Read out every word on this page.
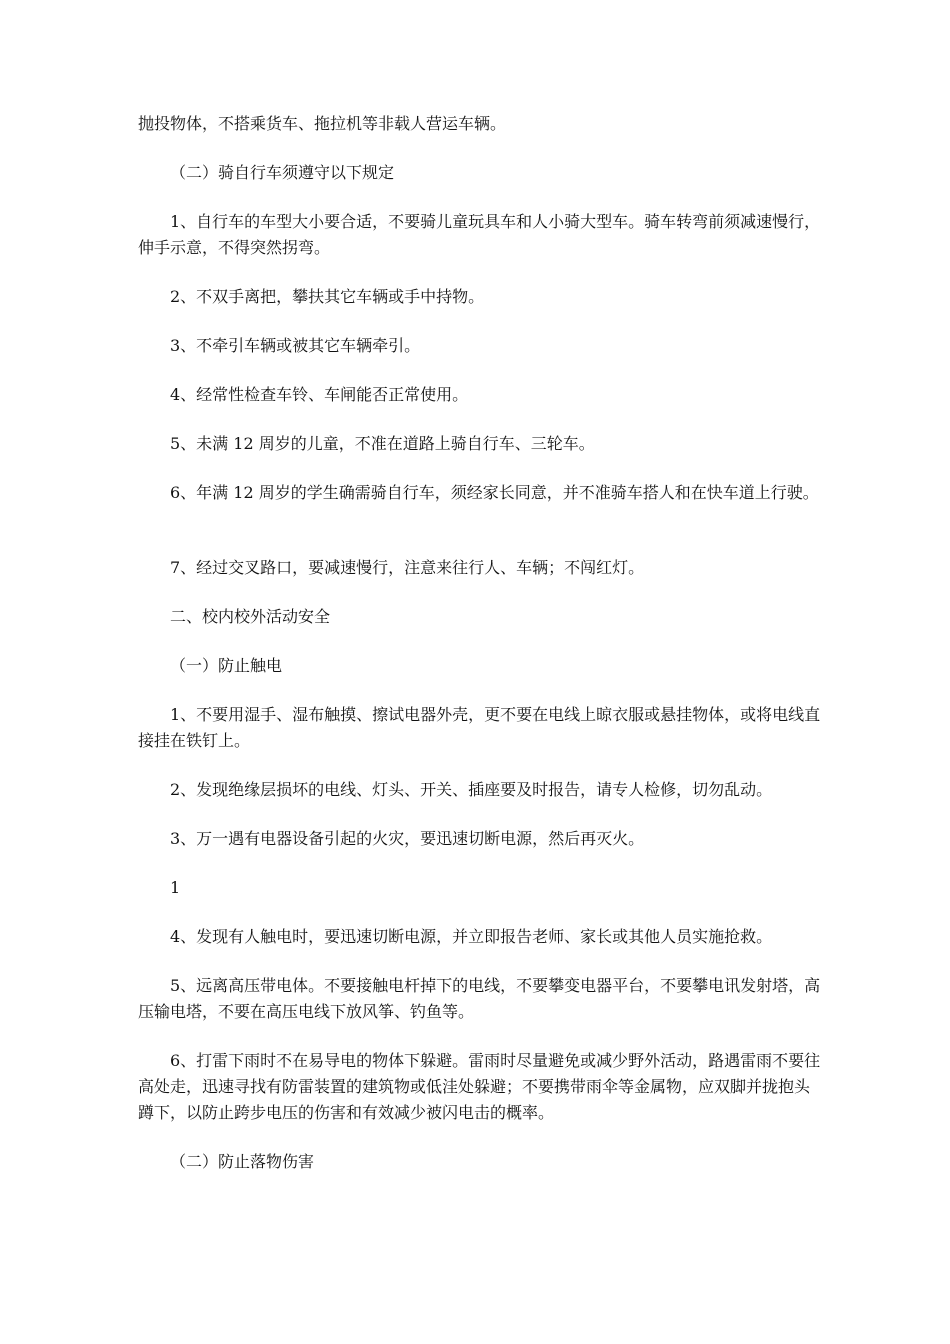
抛投物体，不搭乘货车、拖拉机等非载人营运车辆。

（二）骑自行车须遵守以下规定

1、自行车的车型大小要合适，不要骑儿童玩具车和人小骑大型车。骑车转弯前须减速慢行，伸手示意，不得突然拐弯。

2、不双手离把，攀扶其它车辆或手中持物。

3、不牵引车辆或被其它车辆牵引。

4、经常性检查车铃、车闸能否正常使用。

5、未满 12 周岁的儿童，不准在道路上骑自行车、三轮车。

6、年满 12 周岁的学生确需骑自行车，须经家长同意，并不准骑车搭人和在快车道上行驶。

7、经过交叉路口，要减速慢行，注意来往行人、车辆；不闯红灯。

二、校内校外活动安全

（一）防止触电

1、不要用湿手、湿布触摸、擦试电器外壳，更不要在电线上晾衣服或悬挂物体，或将电线直接挂在铁钉上。

2、发现绝缘层损坏的电线、灯头、开关、插座要及时报告，请专人检修，切勿乱动。

3、万一遇有电器设备引起的火灾，要迅速切断电源，然后再灭火。

1

4、发现有人触电时，要迅速切断电源，并立即报告老师、家长或其他人员实施抢救。

5、远离高压带电体。不要接触电杆掉下的电线，不要攀变电器平台，不要攀电讯发射塔，高压输电塔，不要在高压电线下放风筝、钓鱼等。

6、打雷下雨时不在易导电的物体下躲避。雷雨时尽量避免或减少野外活动，路遇雷雨不要往高处走，迅速寻找有防雷装置的建筑物或低洼处躲避；不要携带雨伞等金属物，应双脚并拢抱头蹲下，以防止跨步电压的伤害和有效减少被闪电击的概率。

（二）防止落物伤害
